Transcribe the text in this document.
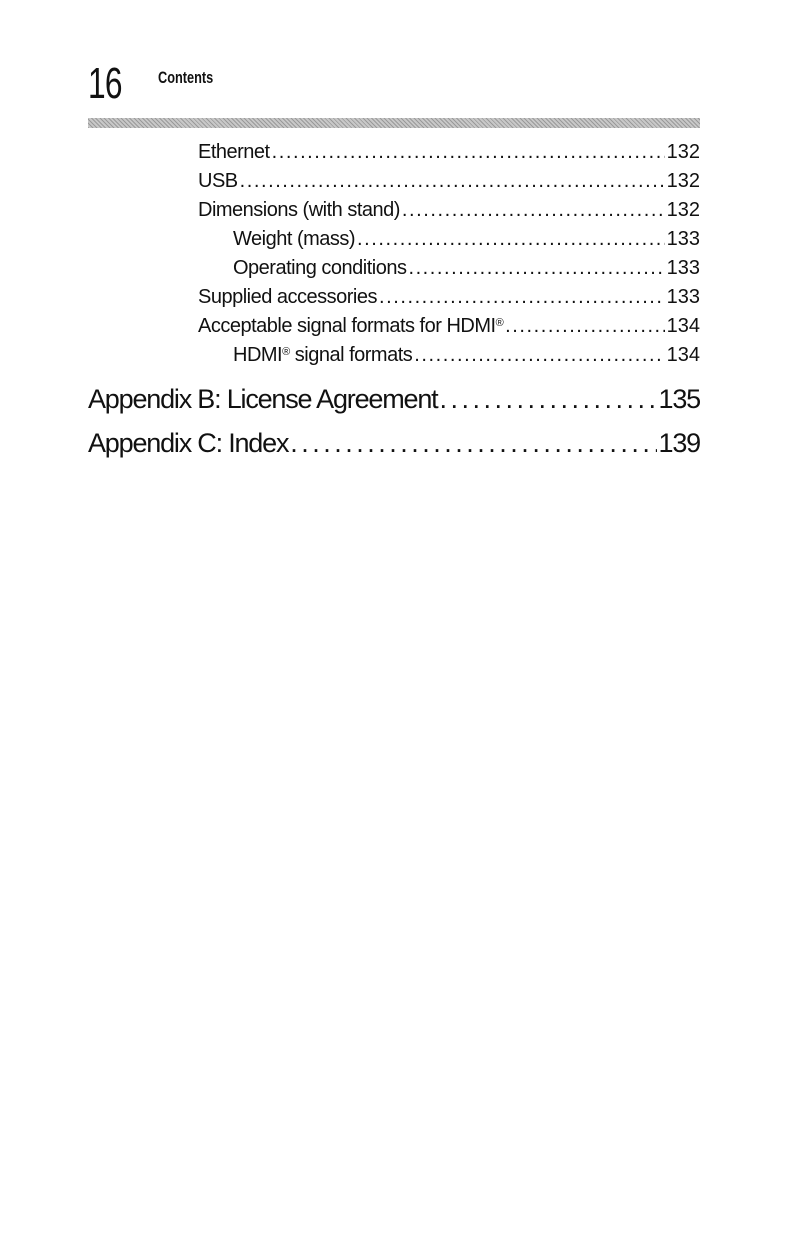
16 Contents
Ethernet . . .	132
USB . . .	132
Dimensions (with stand) . . .	132
Weight (mass) . . .	133
Operating conditions . . .	133
Supplied accessories . . .	133
Acceptable signal formats for HDMI® . . .	134
HDMI® signal formats . . .	134
Appendix B: License Agreement . . .	135
Appendix C: Index . . .	139
